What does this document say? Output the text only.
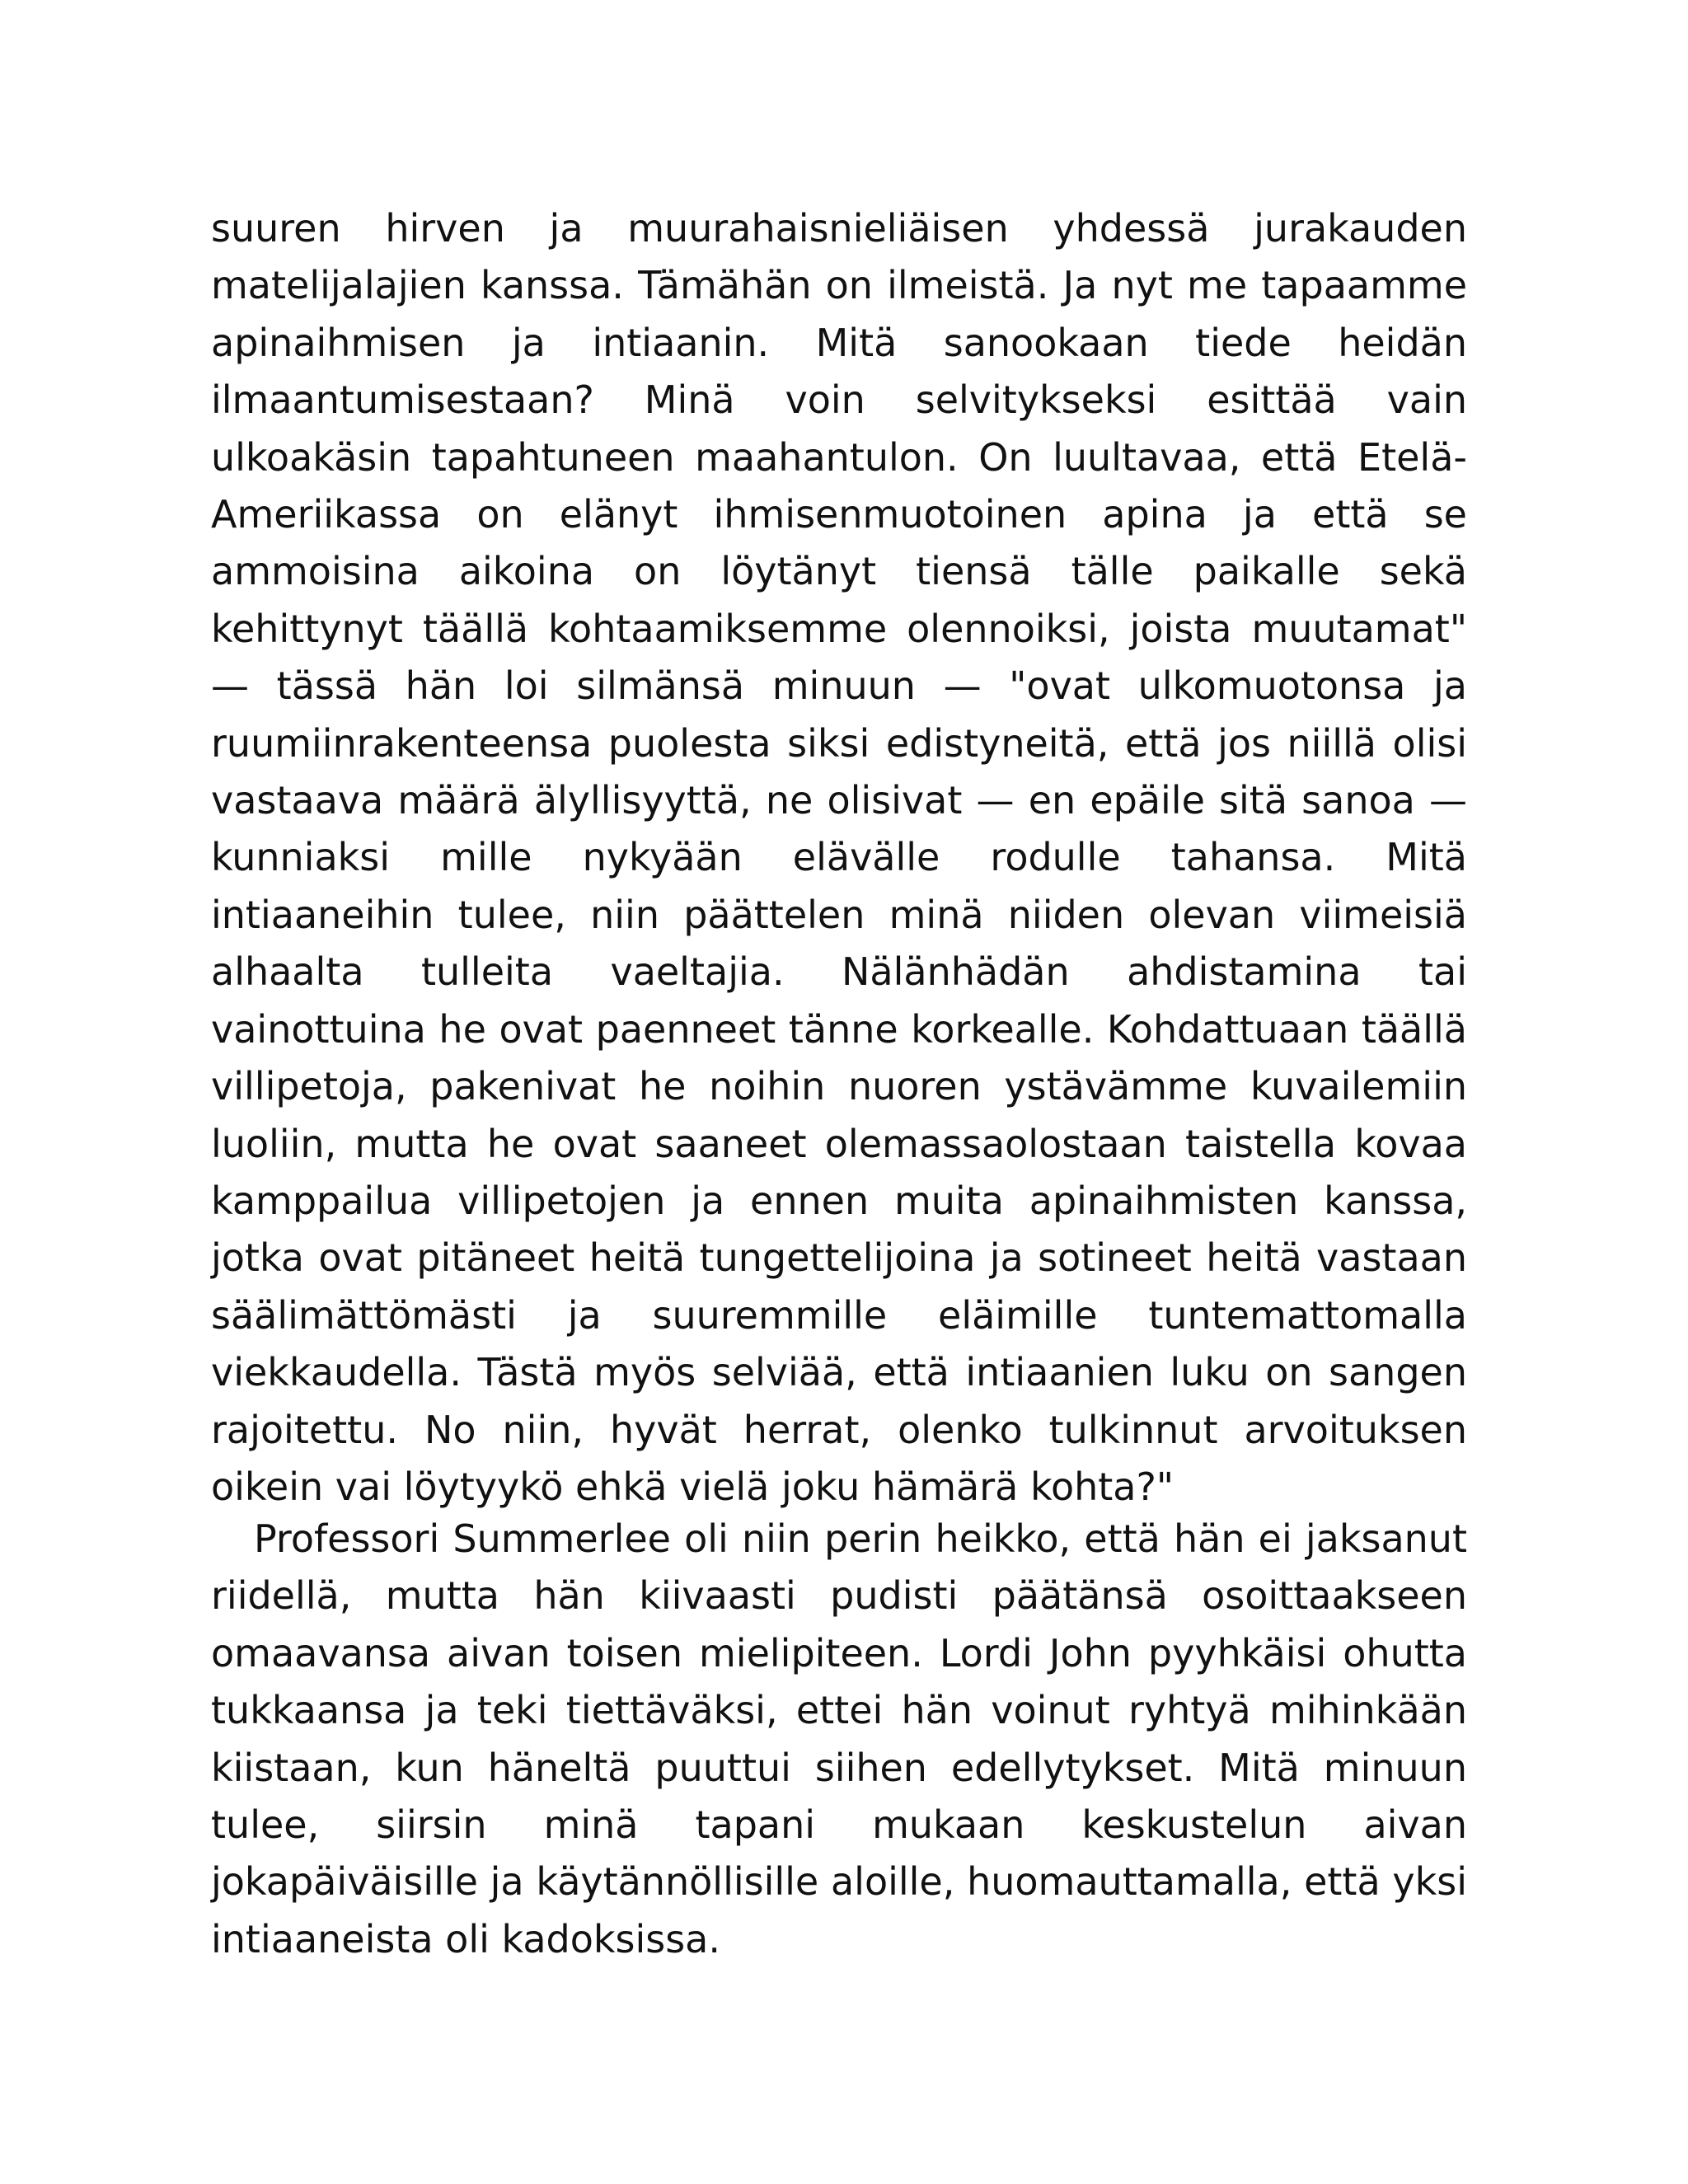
suuren hirven ja muurahaisnieliäisen yhdessä jurakauden matelijalajien kanssa. Tämähän on ilmeistä. Ja nyt me tapaamme apinaihmisen ja intiaanin. Mitä sanookaan tiede heidän ilmaantumisestaan? Minä voin selvitykseksi esittää vain ulkoakäsin tapahtuneen maahantulon. On luultavaa, että Etelä-Ameriikassa on elänyt ihmisenmuotoinen apina ja että se ammoisina aikoina on löytänyt tiensä tälle paikalle sekä kehittynyt täällä kohtaamiksemme olennoiksi, joista muutamat" — tässä hän loi silmänsä minuun — "ovat ulkomuotonsa ja ruumiinrakenteensa puolesta siksi edistyneitä, että jos niillä olisi vastaava määrä älyllisyyttä, ne olisivat — en epäile sitä sanoa — kunniaksi mille nykyään elävälle rodulle tahansa. Mitä intiaaneihin tulee, niin päättelen minä niiden olevan viimeisiä alhaalta tulleita vaeltajia. Nälänhädän ahdistamina tai vainottuina he ovat paenneet tänne korkealle. Kohdattuaan täällä villipetoja, pakenivat he noihin nuoren ystävämme kuvailemiin luoliin, mutta he ovat saaneet olemassaolostaan taistella kovaa kamppailua villipetojen ja ennen muita apinaihmisten kanssa, jotka ovat pitäneet heitä tungettelijoina ja sotineet heitä vastaan säälimättömästi ja suuremmille eläimille tuntemattomalla viekkaudella. Tästä myös selviää, että intiaanien luku on sangen rajoitettu. No niin, hyvät herrat, olenko tulkinnut arvoituksen oikein vai löytyykö ehkä vielä joku hämärä kohta?"

Professori Summerlee oli niin perin heikko, että hän ei jaksanut riidellä, mutta hän kiivaasti pudisti päätänsä osoittaakseen omaavansa aivan toisen mielipiteen. Lordi John pyyhkäisi ohutta tukkaansa ja teki tiettäväksi, ettei hän voinut ryhtyä mihinkään kiistaan, kun häneltä puuttui siihen edellytykset. Mitä minuun tulee, siirsin minä tapani mukaan keskustelun aivan jokapäiväisille ja käytännöllisille aloille, huomauttamalla, että yksi intiaaneista oli kadoksissa.
